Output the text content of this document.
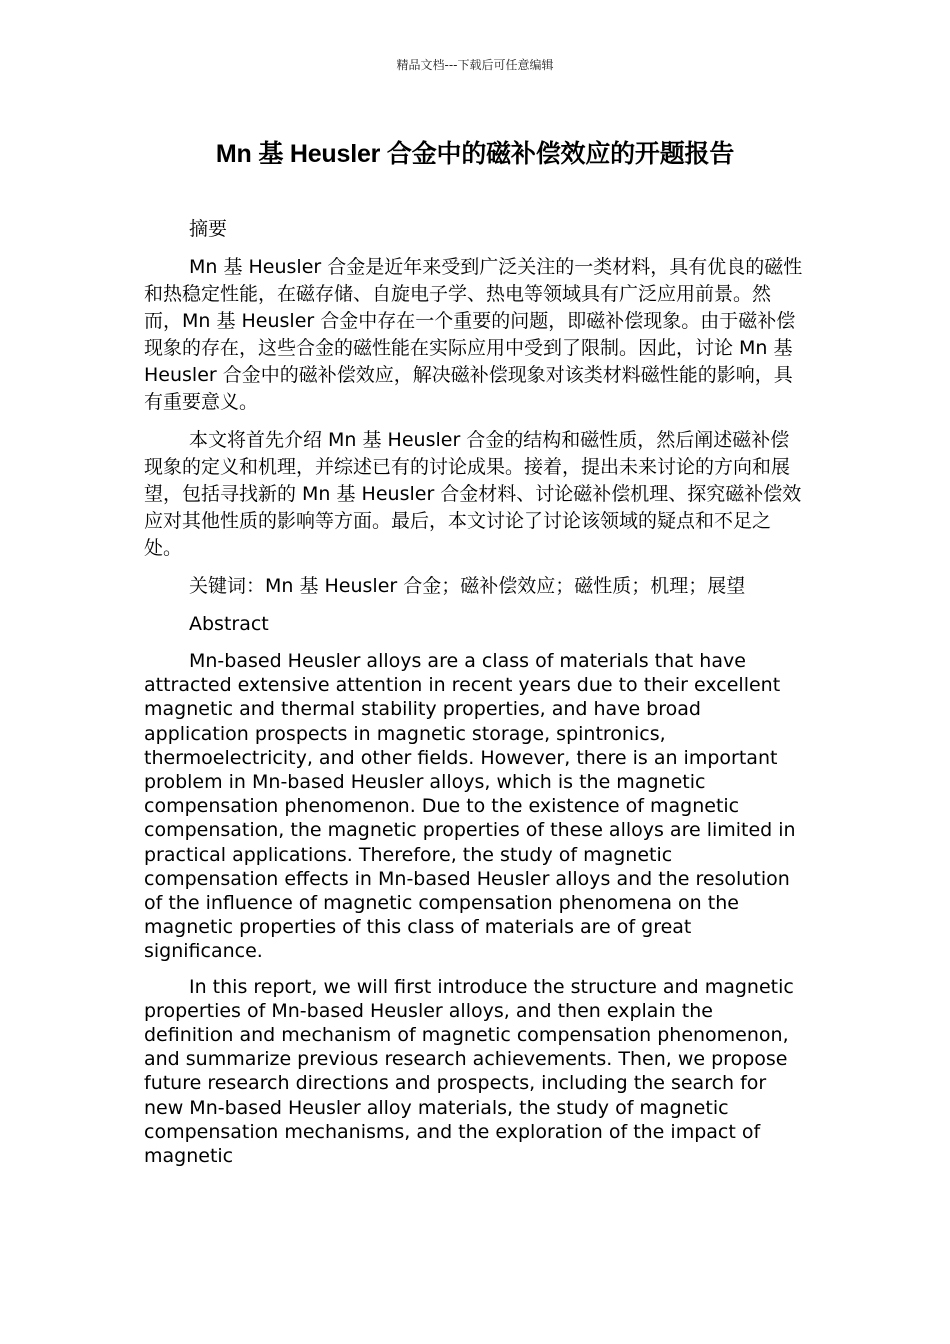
精品文档---下载后可任意编辑
Mn 基 Heusler 合金中的磁补偿效应的开题报告

摘要

Mn 基 Heusler 合金是近年来受到广泛关注的一类材料，具有优良的磁性和热稳定性能，在磁存储、自旋电子学、热电等领域具有广泛应用前景。然而，Mn 基 Heusler 合金中存在一个重要的问题，即磁补偿现象。由于磁补偿现象的存在，这些合金的磁性能在实际应用中受到了限制。因此，讨论 Mn 基 Heusler 合金中的磁补偿效应，解决磁补偿现象对该类材料磁性能的影响，具有重要意义。

本文将首先介绍 Mn 基 Heusler 合金的结构和磁性质，然后阐述磁补偿现象的定义和机理，并综述已有的讨论成果。接着，提出未来讨论的方向和展望，包括寻找新的 Mn 基 Heusler 合金材料、讨论磁补偿机理、探究磁补偿效应对其他性质的影响等方面。最后，本文讨论了讨论该领域的疑点和不足之处。

关键词：Mn 基 Heusler 合金；磁补偿效应；磁性质；机理；展望

Abstract

Mn-based Heusler alloys are a class of materials that have attracted extensive attention in recent years due to their excellent magnetic and thermal stability properties, and have broad application prospects in magnetic storage, spintronics, thermoelectricity, and other fields. However, there is an important problem in Mn-based Heusler alloys, which is the magnetic compensation phenomenon. Due to the existence of magnetic compensation, the magnetic properties of these alloys are limited in practical applications. Therefore, the study of magnetic compensation effects in Mn-based Heusler alloys and the resolution of the influence of magnetic compensation phenomena on the magnetic properties of this class of materials are of great significance.

In this report, we will first introduce the structure and magnetic properties of Mn-based Heusler alloys, and then explain the definition and mechanism of magnetic compensation phenomenon, and summarize previous research achievements. Then, we propose future research directions and prospects, including the search for new Mn-based Heusler alloy materials, the study of magnetic compensation mechanisms, and the exploration of the impact of magnetic
